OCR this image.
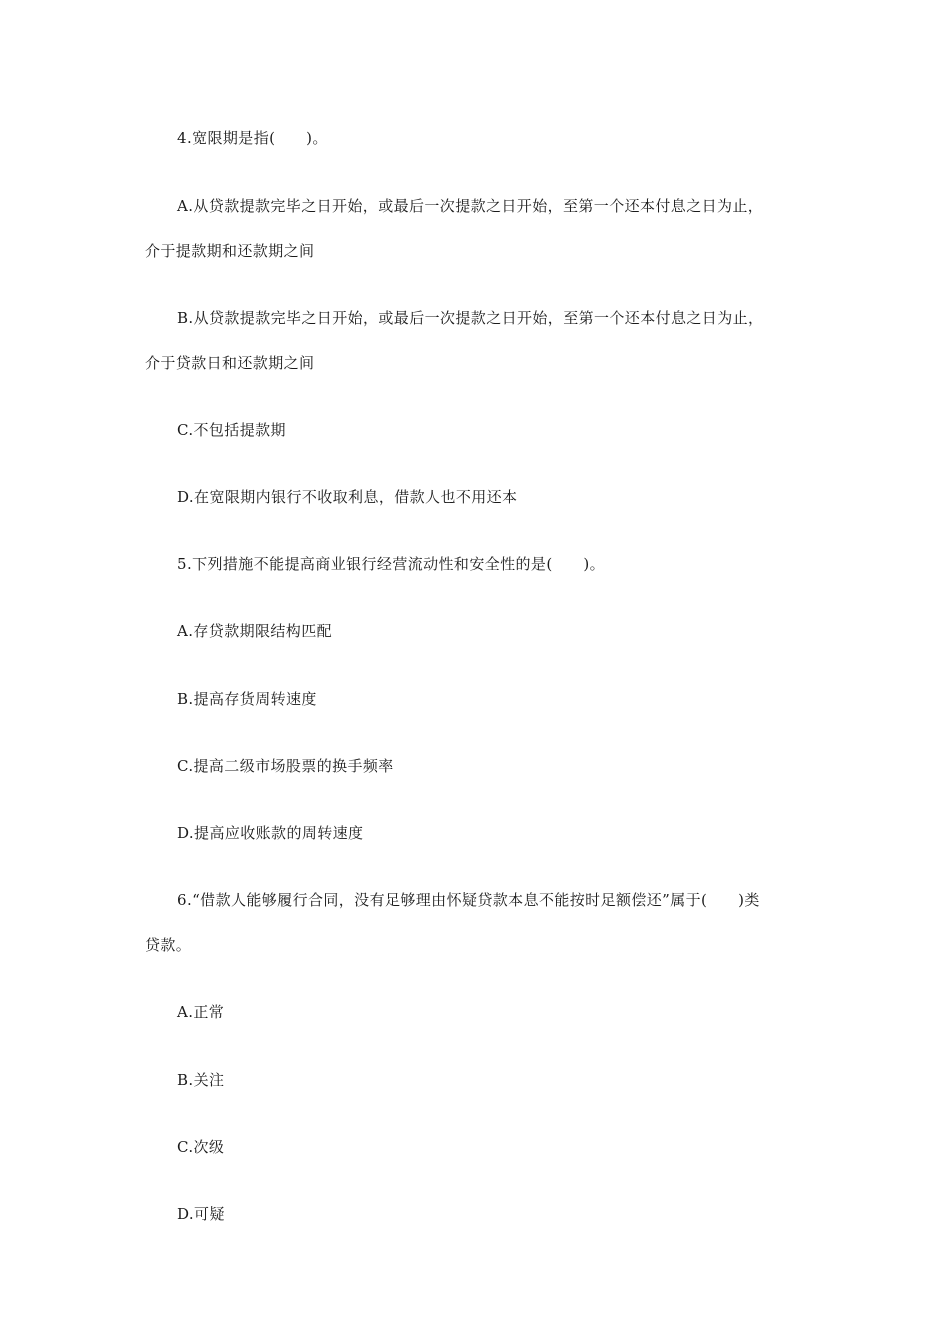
4.宽限期是指(　　)。
A.从贷款提款完毕之日开始，或最后一次提款之日开始，至第一个还本付息之日为止，
介于提款期和还款期之间
B.从贷款提款完毕之日开始，或最后一次提款之日开始，至第一个还本付息之日为止，
介于贷款日和还款期之间
C.不包括提款期
D.在宽限期内银行不收取利息，借款人也不用还本
5.下列措施不能提高商业银行经营流动性和安全性的是(　　)。
A.存贷款期限结构匹配
B.提高存货周转速度
C.提高二级市场股票的换手频率
D.提高应收账款的周转速度
6.“借款人能够履行合同，没有足够理由怀疑贷款本息不能按时足额偿还”属于(　　)类
贷款。
A.正常
B.关注
C.次级
D.可疑
